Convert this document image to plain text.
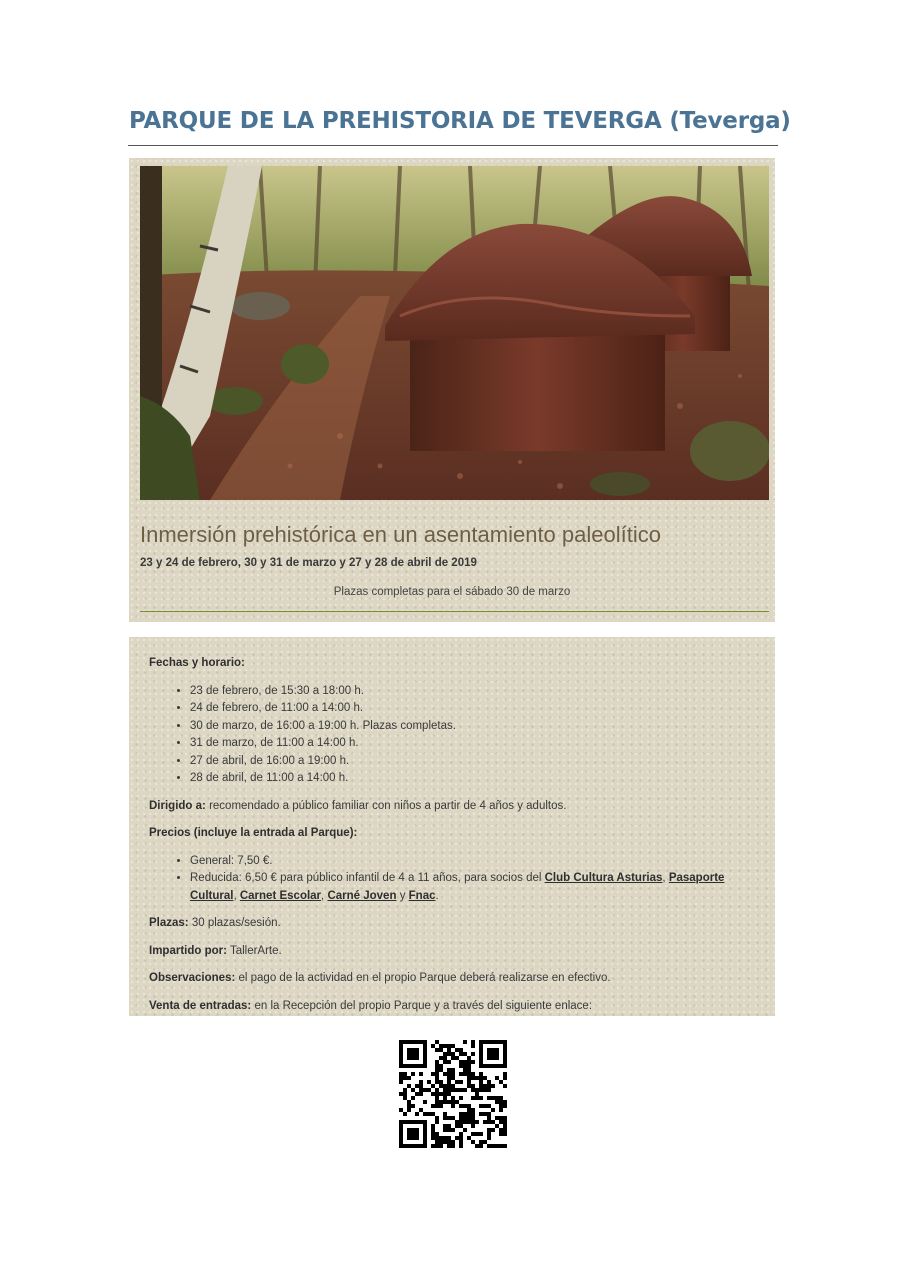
PARQUE DE LA PREHISTORIA DE TEVERGA (Teverga)
Inmersión prehistórica en un asentamiento paleolítico
23 y 24 de febrero, 30 y 31 de marzo y 27 y 28 de abril de 2019
Plazas completas para el sábado 30 de marzo

Fechas y horario:

• 23 de febrero, de 15:30 a 18:00 h.
• 24 de febrero, de 11:00 a 14:00 h.
• 30 de marzo, de 16:00 a 19:00 h. Plazas completas.
• 31 de marzo, de 11:00 a 14:00 h.
• 27 de abril, de 16:00 a 19:00 h.
• 28 de abril, de 11:00 a 14:00 h.

Dirigido a: recomendado a público familiar con niños a partir de 4 años y adultos.

Precios (incluye la entrada al Parque):

• General: 7,50 €.
• Reducida: 6,50 € para público infantil de 4 a 11 años, para socios del Club Cultura Asturias, Pasaporte Cultural, Carnet Escolar, Carné Joven y Fnac.

Plazas: 30 plazas/sesión.

Impartido por: TallerArte.

Observaciones: el pago de la actividad en el propio Parque deberá realizarse en efectivo.

Venta de entradas: en la Recepción del propio Parque y a través del siguiente enlace:
